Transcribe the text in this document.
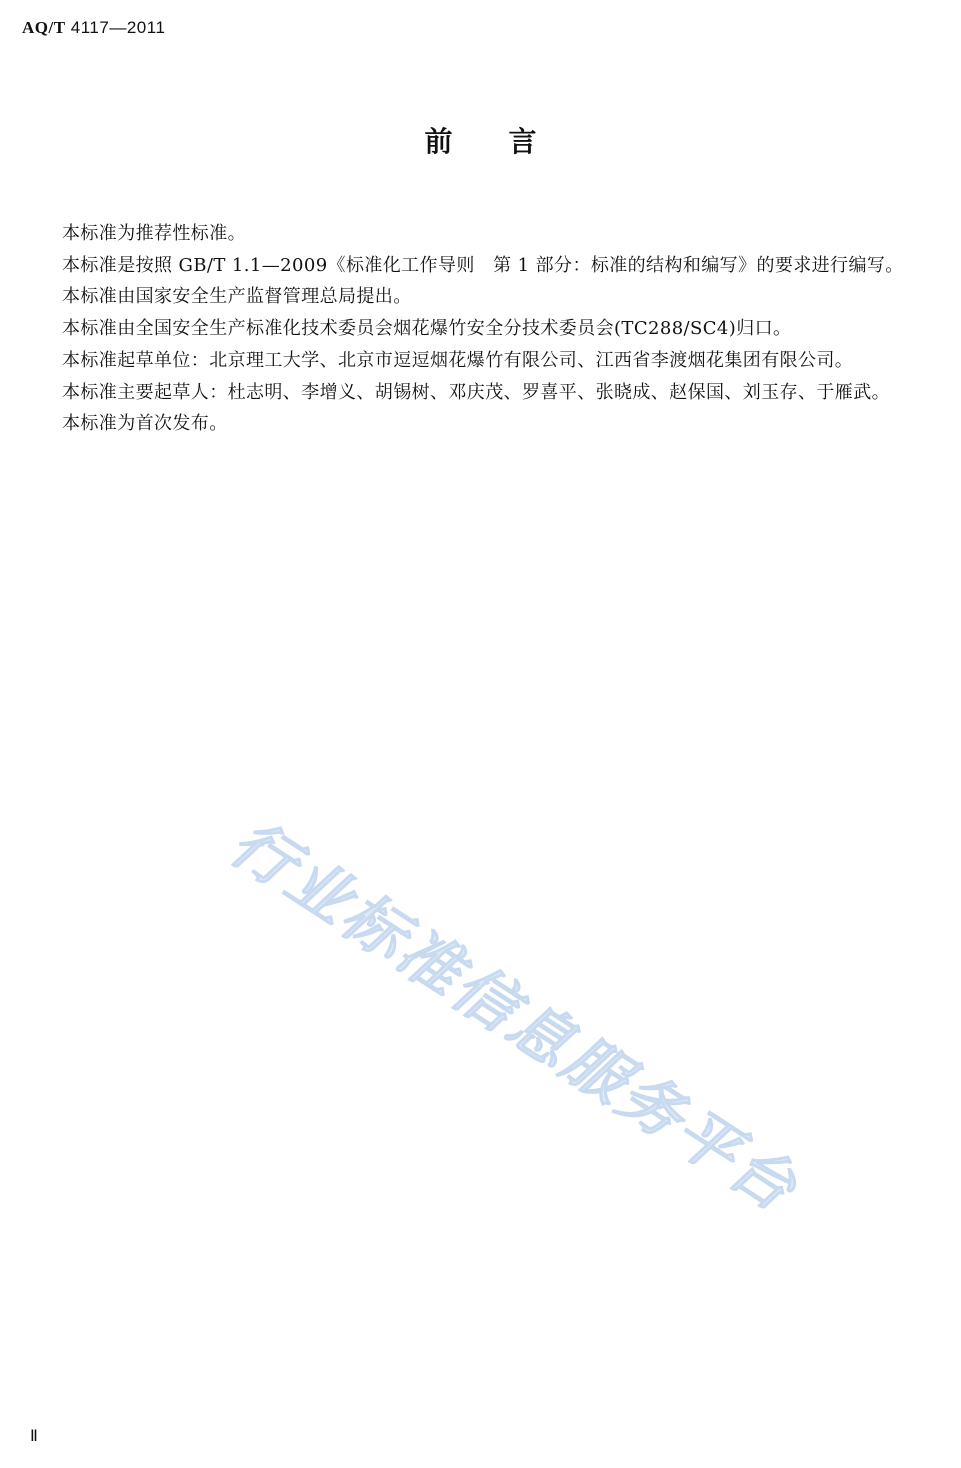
AQ/T 4117—2011
前言

本标准为推荐性标准。

本标准是按照 GB/T 1.1—2009《标准化工作导则　第 1 部分：标准的结构和编写》的要求进行编写。

本标准由国家安全生产监督管理总局提出。

本标准由全国安全生产标准化技术委员会烟花爆竹安全分技术委员会(TC288/SC4)归口。

本标准起草单位：北京理工大学、北京市逗逗烟花爆竹有限公司、江西省李渡烟花集团有限公司。

本标准主要起草人：杜志明、李增义、胡锡树、邓庆茂、罗喜平、张晓成、赵保国、刘玉存、于雁武。

本标准为首次发布。

行业标准信息服务平台
Ⅱ
